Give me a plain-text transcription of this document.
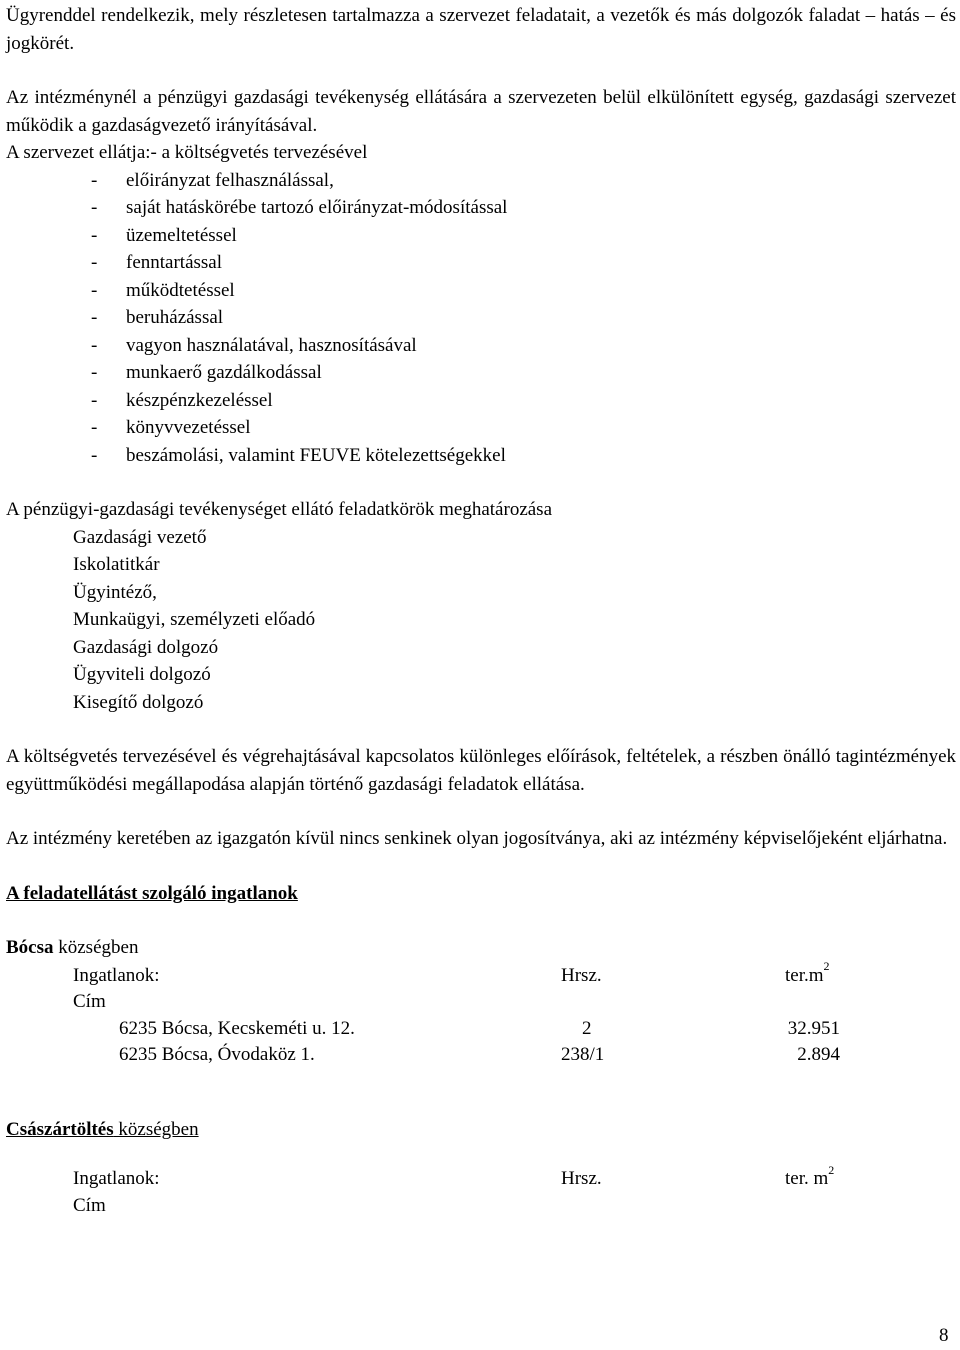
Ügyrenddel rendelkezik, mely részletesen tartalmazza a szervezet feladatait, a vezetők és más dolgozók faladat – hatás – és jogkörét.

Az intézménynél a pénzügyi gazdasági tevékenység ellátására a szervezeten belül elkülönített egység, gazdasági szervezet működik a gazdaságvezető irányításával.

A szervezet ellátja:- a költségvetés tervezésével

- előirányzat felhasználással,
- saját hatáskörébe tartozó előirányzat-módosítással
- üzemeltetéssel
- fenntartással
- működtetéssel
- beruházással
- vagyon használatával, hasznosításával
- munkaerő gazdálkodással
- készpénzkezeléssel
- könyvvezetéssel
- beszámolási, valamint FEUVE kötelezettségekkel

A pénzügyi-gazdasági tevékenységet ellátó feladatkörök meghatározása

Gazdasági vezető
Iskolatitkár
Ügyintéző,
Munkaügyi, személyzeti előadó
Gazdasági dolgozó
Ügyviteli dolgozó
Kisegítő dolgozó

A költségvetés tervezésével és végrehajtásával kapcsolatos különleges előírások, feltételek, a részben önálló tagintézmények együttműködési megállapodása alapján történő gazdasági feladatok ellátása.

Az intézmény keretében az igazgatón kívül nincs senkinek olyan jogosítványa, aki az intézmény képviselőjeként eljárhatna.

A feladatellátást szolgáló ingatlanok

Bócsa községben

Ingatlanok:	Hrsz.	$ter.m^2$
Cím
6235 Bócsa, Kecskeméti u. 12.	2	32.951
6235 Bócsa, Óvodaköz 1.	238/1	2.894

Császártöltés községben

Ingatlanok:	Hrsz.	ter. $m^2$
Cím
8
